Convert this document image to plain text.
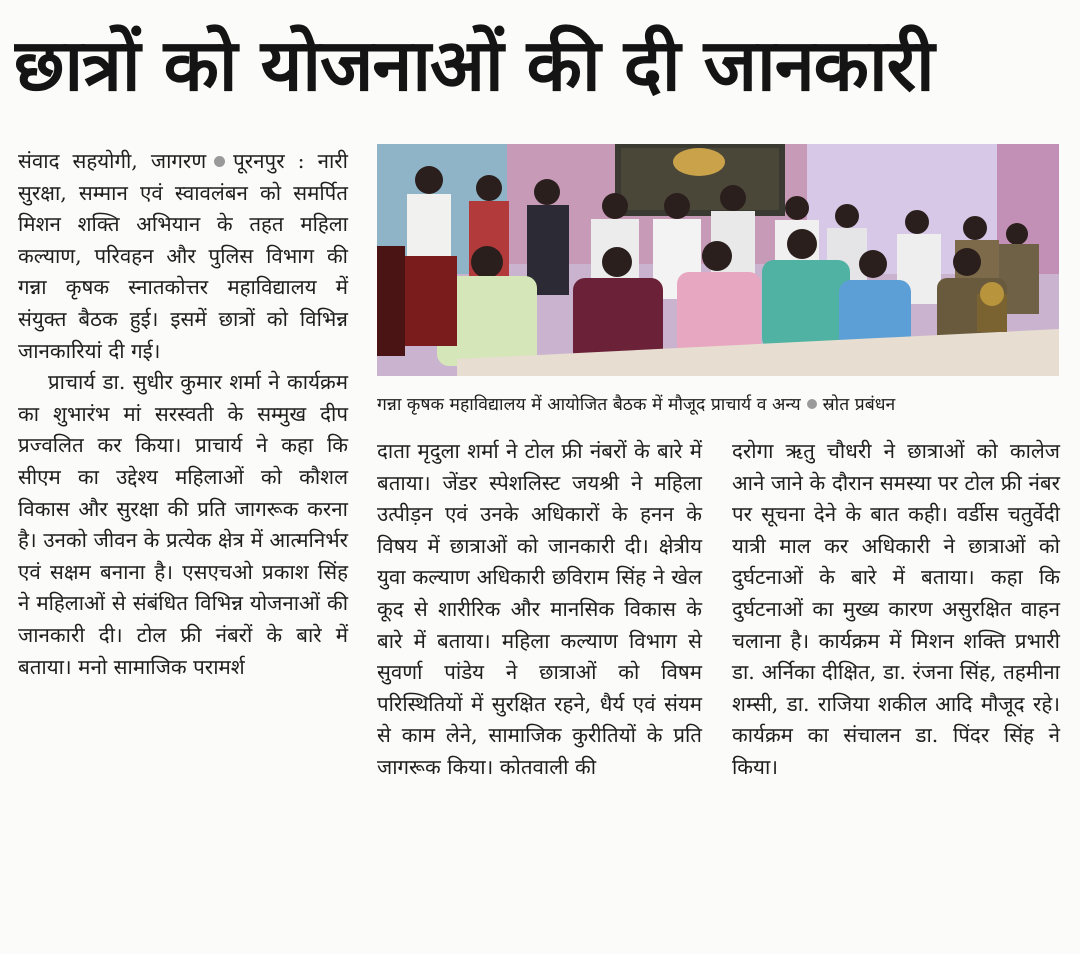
छात्रों को योजनाओं की दी जानकारी

संवाद सहयोगी, जागरण पूरनपुर : नारी सुरक्षा, सम्मान एवं स्वावलंबन को समर्पित मिशन शक्ति अभियान के तहत महिला कल्याण, परिवहन और पुलिस विभाग की गन्ना कृषक स्नातकोत्तर महाविद्यालय में संयुक्त बैठक हुई। इसमें छात्रों को विभिन्न जानकारियां दी गई।

प्राचार्य डा. सुधीर कुमार शर्मा ने कार्यक्रम का शुभारंभ मां सरस्वती के सम्मुख दीप प्रज्वलित कर किया। प्राचार्य ने कहा कि सीएम का उद्देश्य महिलाओं को कौशल विकास और सुरक्षा की प्रति जागरूक करना है। उनको जीवन के प्रत्येक क्षेत्र में आत्मनिर्भर एवं सक्षम बनाना है। एसएचओ प्रकाश सिंह ने महिलाओं से संबंधित विभिन्न योजनाओं की जानकारी दी। टोल फ्री नंबरों के बारे में बताया। मनो सामाजिक परामर्श

गन्ना कृषक महाविद्यालय में आयोजित बैठक में मौजूद प्राचार्य व अन्य स्रोत प्रबंधन

दाता मृदुला शर्मा ने टोल फ्री नंबरों के बारे में बताया। जेंडर स्पेशलिस्ट जयश्री ने महिला उत्पीड़न एवं उनके अधिकारों के हनन के विषय में छात्राओं को जानकारी दी। क्षेत्रीय युवा कल्याण अधिकारी छविराम सिंह ने खेल कूद से शारीरिक और मानसिक विकास के बारे में बताया। महिला कल्याण विभाग से सुवर्णा पांडेय ने छात्राओं को विषम परिस्थितियों में सुरक्षित रहने, धैर्य एवं संयम से काम लेने, सामाजिक कुरीतियों के प्रति जागरूक किया। कोतवाली की

दरोगा ऋतु चौधरी ने छात्राओं को कालेज आने जाने के दौरान समस्या पर टोल फ्री नंबर पर सूचना देने के बात कही। वर्डीस चतुर्वेदी यात्री माल कर अधिकारी ने छात्राओं को दुर्घटनाओं के बारे में बताया। कहा कि दुर्घटनाओं का मुख्य कारण असुरक्षित वाहन चलाना है। कार्यक्रम में मिशन शक्ति प्रभारी डा. अर्निका दीक्षित, डा. रंजना सिंह, तहमीना शम्सी, डा. राजिया शकील आदि मौजूद रहे। कार्यक्रम का संचालन डा. पिंदर सिंह ने किया।
